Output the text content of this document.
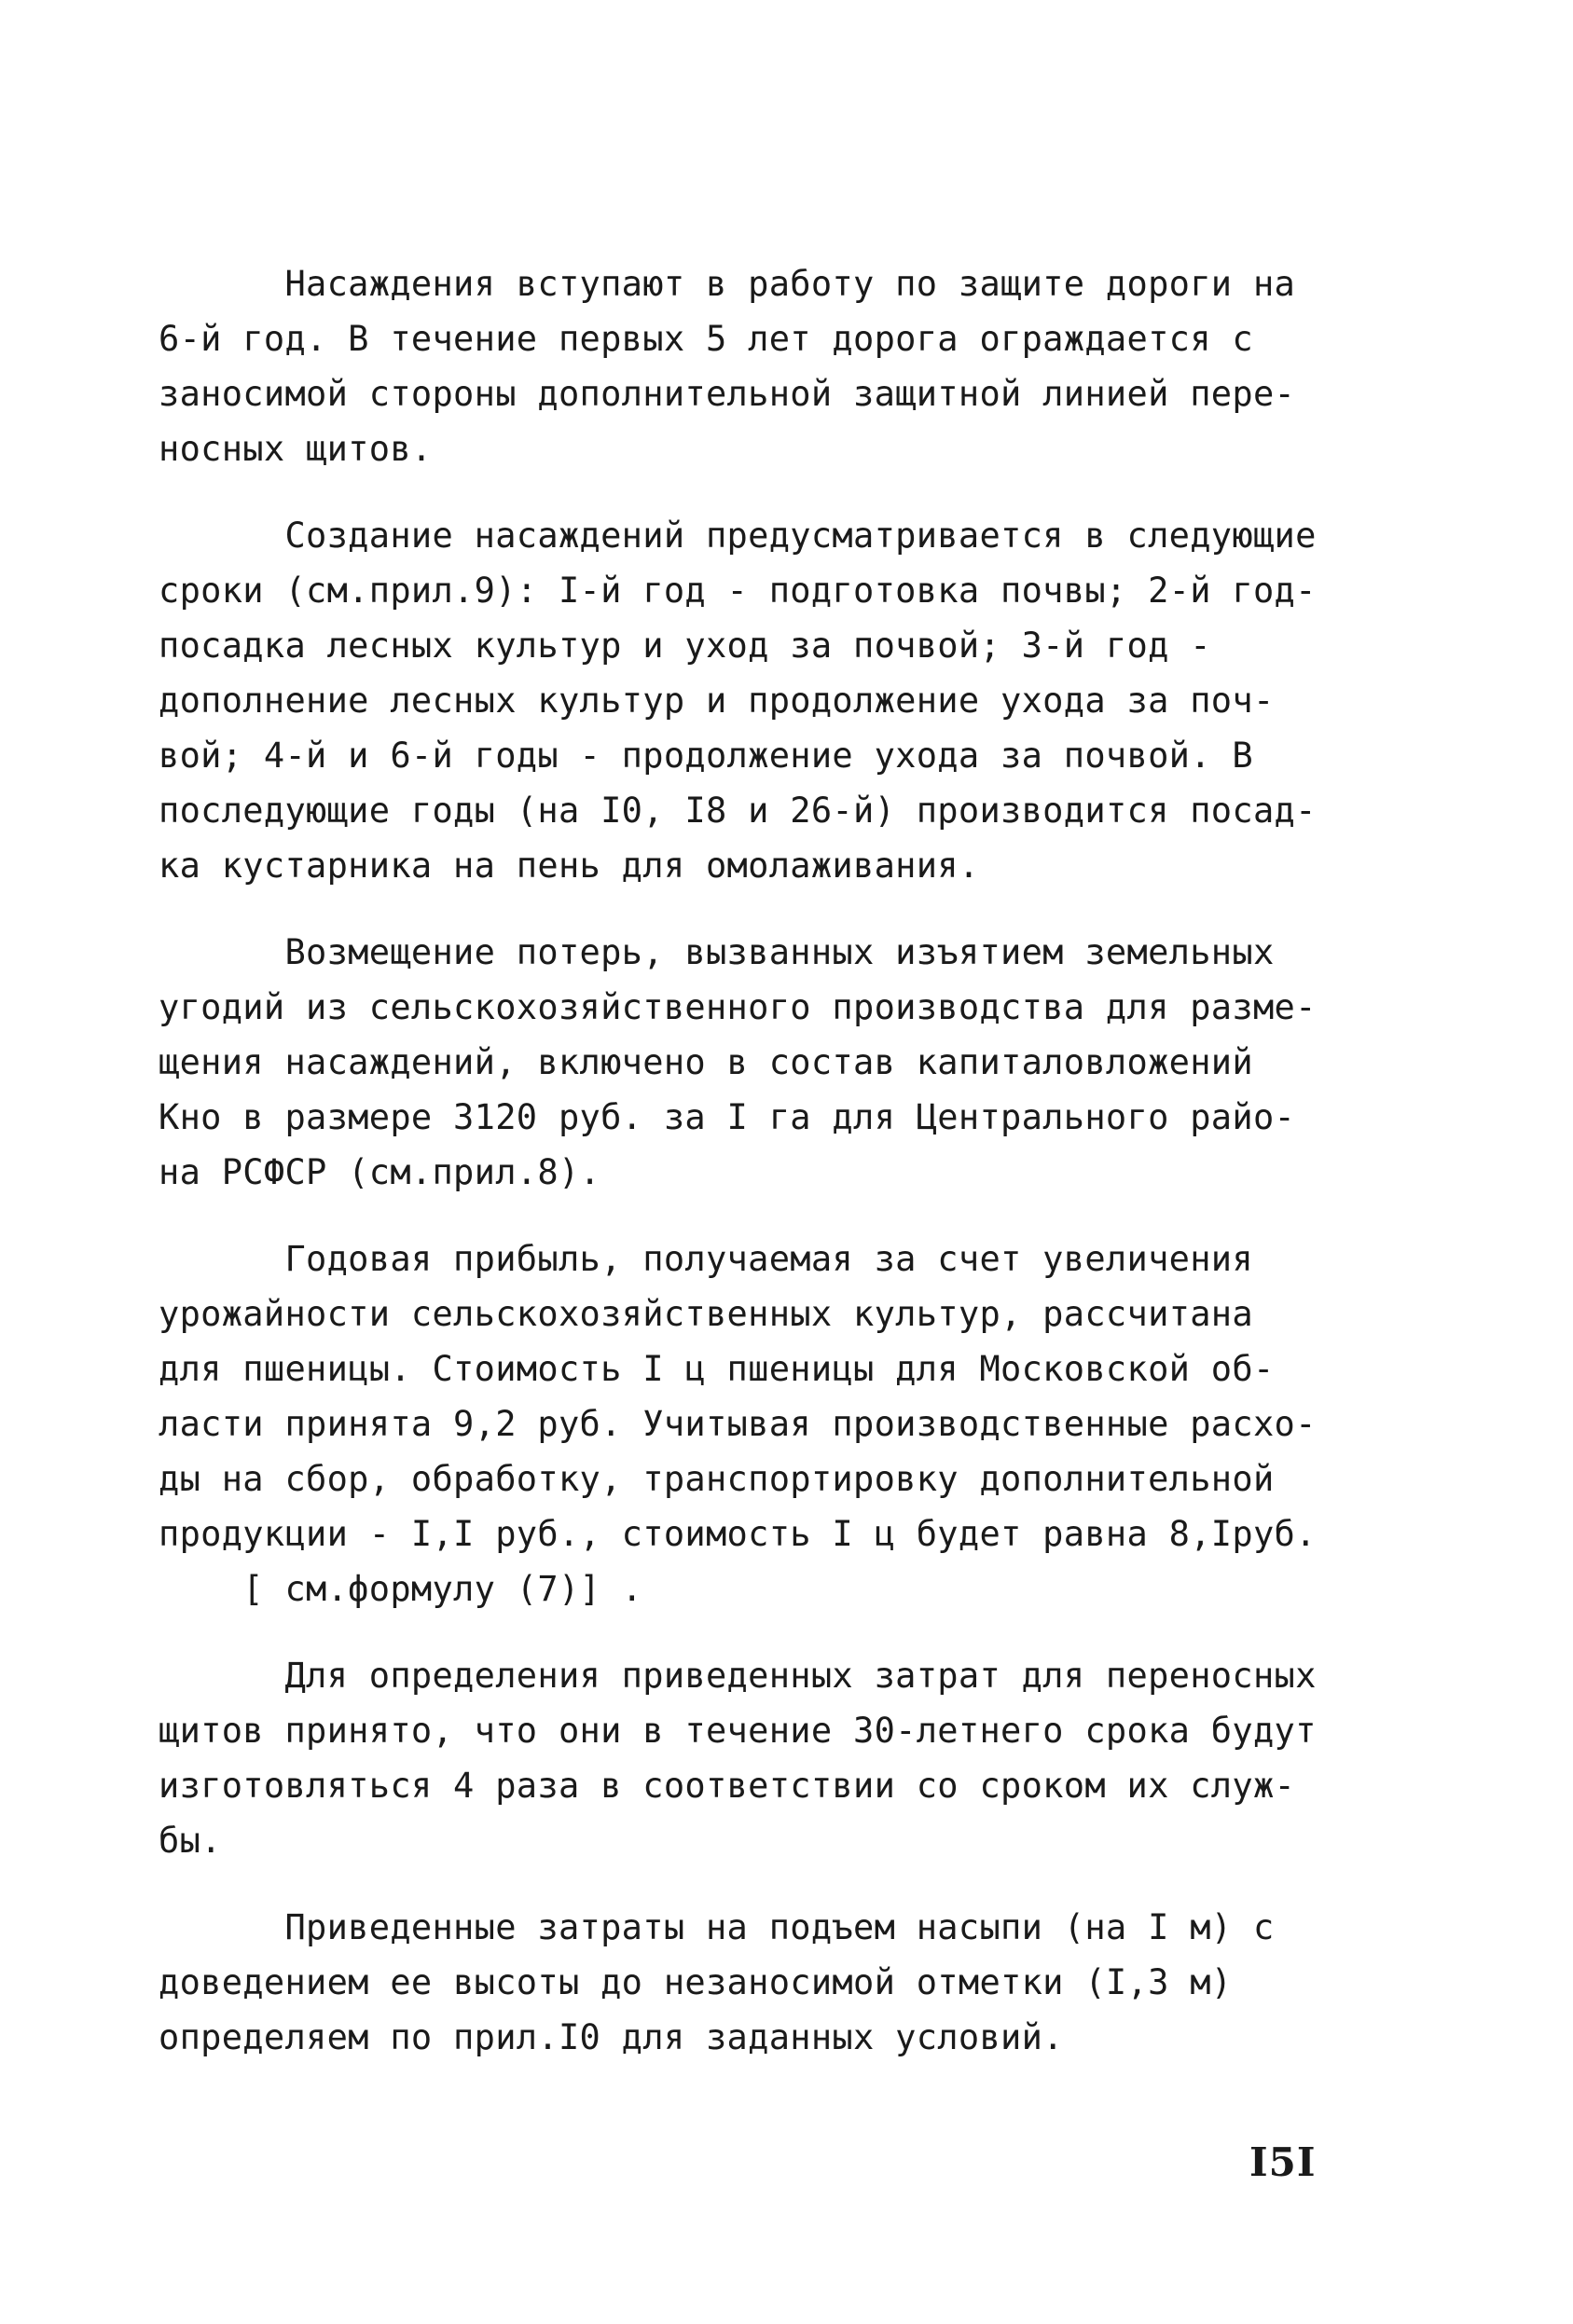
Насаждения вступают в работу по защите дороги на
6-й год. В течение первых 5 лет дорога ограждается с
заносимой стороны дополнительной защитной линией пере-
носных щитов.
Создание насаждений предусматривается в следующие
сроки (см.прил.9): I-й год - подготовка почвы; 2-й год-
посадка лесных культур и уход за почвой; 3-й год -
дополнение лесных культур и продолжение ухода за поч-
вой; 4-й и 6-й годы - продолжение ухода за почвой. В
последующие годы (на I0, I8 и 26-й) производится посад-
ка кустарника на пень для омолаживания.
Возмещение потерь, вызванных изъятием земельных
угодий из сельскохозяйственного производства для разме-
щения насаждений, включено в состав капиталовложений
Кно в размере 3120 руб. за I га для Центрального райо-
на РСФСР (см.прил.8).
Годовая прибыль, получаемая за счет увеличения
урожайности сельскохозяйственных культур, рассчитана
для пшеницы. Стоимость I ц пшеницы для Московской об-
ласти принята 9,2 руб. Учитывая производственные расхо-
ды на сбор, обработку, транспортировку дополнительной
продукции - I,I руб., стоимость I ц будет равна 8,Iруб.
[ см.формулу (7)] .
Для определения приведенных затрат для переносных
щитов принято, что они в течение 30-летнего срока будут
изготовляться 4 раза в соответствии со сроком их служ-
бы.
Приведенные затраты на подъем насыпи (на I м) с
доведением ее высоты до незаносимой отметки (I,3 м)
определяем по прил.I0 для заданных условий.
I5I
